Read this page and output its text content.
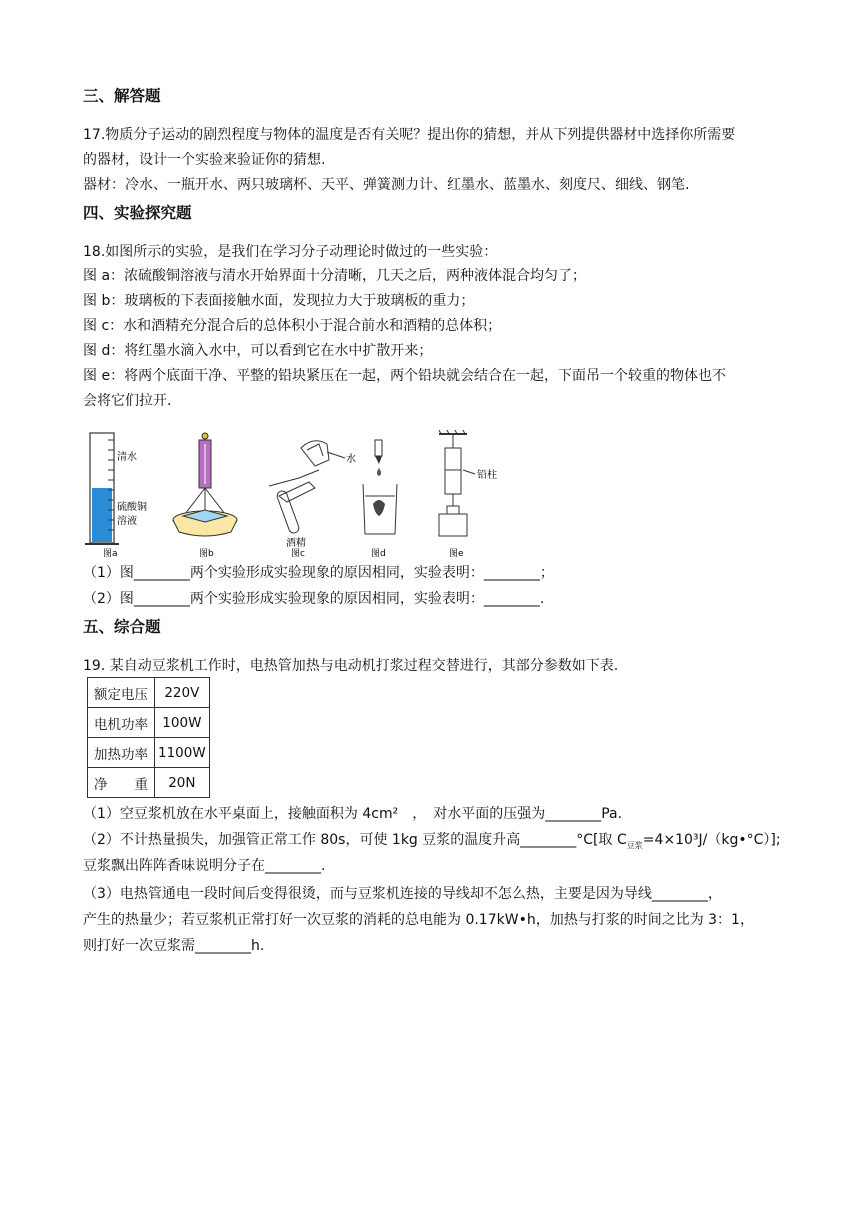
三、解答题
17.物质分子运动的剧烈程度与物体的温度是否有关呢？提出你的猜想，并从下列提供器材中选择你所需要
的器材，设计一个实验来验证你的猜想.
器材：冷水、一瓶开水、两只玻璃杯、天平、弹簧测力计、红墨水、蓝墨水、刻度尺、细线、钢笔.
四、实验探究题
18.如图所示的实验，是我们在学习分子动理论时做过的一些实验：
图 a：浓硫酸铜溶液与清水开始界面十分清晰，几天之后，两种液体混合均匀了；
图 b：玻璃板的下表面接触水面，发现拉力大于玻璃板的重力；
图 c：水和酒精充分混合后的总体积小于混合前水和酒精的总体积；
图 d：将红墨水滴入水中，可以看到它在水中扩散开来；
图 e：将两个底面干净、平整的铅块紧压在一起，两个铅块就会结合在一起，下面吊一个较重的物体也不
会将它们拉开.
清水
硫酸铜
溶液
图a	图b
水
酒精
图c	图d
铅柱
图e
（1）图________两个实验形成实验现象的原因相同，实验表明：________；
（2）图________两个实验形成实验现象的原因相同，实验表明：________.
五、综合题
19. 某自动豆浆机工作时，电热管加热与电动机打浆过程交替进行，其部分参数如下表.
额定电压	220V
电机功率	100W
加热功率	1100W
净　　重	20N
（1）空豆浆机放在水平桌面上，接触面积为 4cm²　，　对水平面的压强为________Pa.
（2）不计热量损失，加强管正常工作 80s，可使 1kg 豆浆的温度升高________°C[取 $C_{豆浆}=4\times 10^3J/(kg•^\circ C)$];
豆浆飘出阵阵香味说明分子在________.
（3）电热管通电一段时间后变得很烫，而与豆浆机连接的导线却不怎么热，主要是因为导线________，
产生的热量少；若豆浆机正常打好一次豆浆的消耗的总电能为 0.17kW•h，加热与打浆的时间之比为 3：1，
则打好一次豆浆需________h.
